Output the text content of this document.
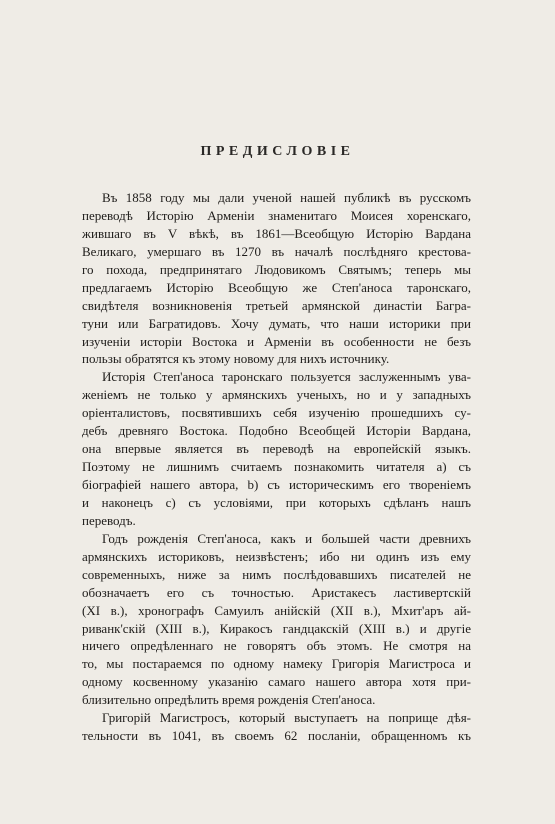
ПРЕДИСЛОВІЕ
Въ 1858 году мы дали ученой нашей публикѣ въ русскомъ
переводѣ Исторію Арменіи знаменитаго Моисея хоренскаго,
жившаго въ V вѣкѣ, въ 1861—Всеобщую Исторію Вардана
Великаго, умершаго въ 1270 въ началѣ послѣдняго крестова-
го похода, предпринятаго Людовикомъ Святымъ; теперь мы
предлагаемъ Исторію Всеобщую же Степ'аноса таронскаго,
свидѣтеля возникновенія третьей армянской династіи Багра-
туни или Багратидовъ. Хочу думать, что наши историки при
изученіи исторіи Востока и Арменіи въ особенности не безъ
пользы обратятся къ этому новому для нихъ источнику.
Исторія Степ'аноса таронскаго пользуется заслуженнымъ ува-
женіемъ не только у армянскихъ ученыхъ, но и у западныхъ
оріенталистовъ, посвятившихъ себя изученію прошедшихъ су-
дебъ древняго Востока. Подобно Всеобщей Исторіи Вардана,
она впервые является въ переводѣ на европейскій языкъ.
Поэтому не лишнимъ считаемъ познакомить читателя а) съ
біографіей нашего автора, b) съ историческимъ его твореніемъ
и наконецъ с) съ условіями, при которыхъ сдѣланъ нашъ
переводъ.
Годъ рожденія Степ'аноса, какъ и большей части древнихъ
армянскихъ историковъ, неизвѣстенъ; ибо ни одинъ изъ ему
современныхъ, ниже за нимъ послѣдовавшихъ писателей не
обозначаетъ его съ точностью. Аристакесъ ластивертскій
(XI в.), хронографъ Самуилъ анійскій (XII в.), Мхит'аръ ай-
риванк'скій (XIII в.), Киракосъ гандцакскій (XIII в.) и другіе
ничего опредѣленнаго не говорятъ объ этомъ. Не смотря на
то, мы постараемся по одному намеку Григорія Магистроса и
одному косвенному указанію самаго нашего автора хотя при-
близительно опредѣлить время рожденія Степ'аноса.
Григорій Магистросъ, который выступаетъ на поприще дѣя-
тельности въ 1041, въ своемъ 62 посланіи, обращенномъ къ
